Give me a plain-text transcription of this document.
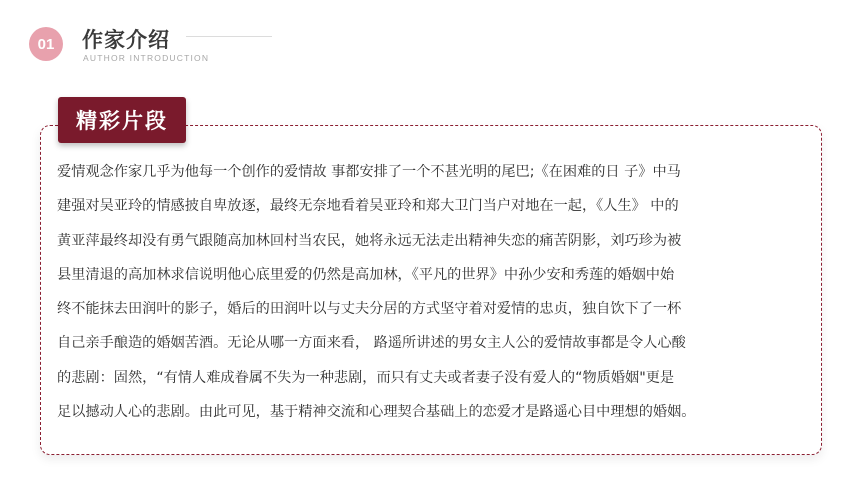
01	作家介绍
AUTHOR INTRODUCTION
精彩片段

爱情观念作家几乎为他每一个创作的爱情故 事都安排了一个不甚光明的尾巴;《在困难的日 子》中马
建强对吴亚玲的情感披自卑放逐，最终无奈地看着吴亚玲和郑大卫门当户对地在一起，《人生》 中的
黄亚萍最终却没有勇气跟随高加林回村当农民，她将永远无法走出精神失恋的痛苦阴影，刘巧珍为被
县里清退的高加林求信说明他心底里爱的仍然是高加林，《平凡的世界》中孙少安和秀莲的婚姻中始
终不能抹去田润叶的影子，婚后的田润叶以与丈夫分居的方式坚守着对爱情的忠贞，独自饮下了一杯
自己亲手酿造的婚姻苦酒。无论从哪一方面来看， 路遥所讲述的男女主人公的爱情故事都是令人心酸
的悲剧：固然，“有情人难成眷属不失为一种悲剧，而只有丈夫或者妻子没有爱人的“物质婚姻"更是
足以撼动人心的悲剧。由此可见，基于精神交流和心理契合基础上的恋爱才是路遥心目中理想的婚姻。
